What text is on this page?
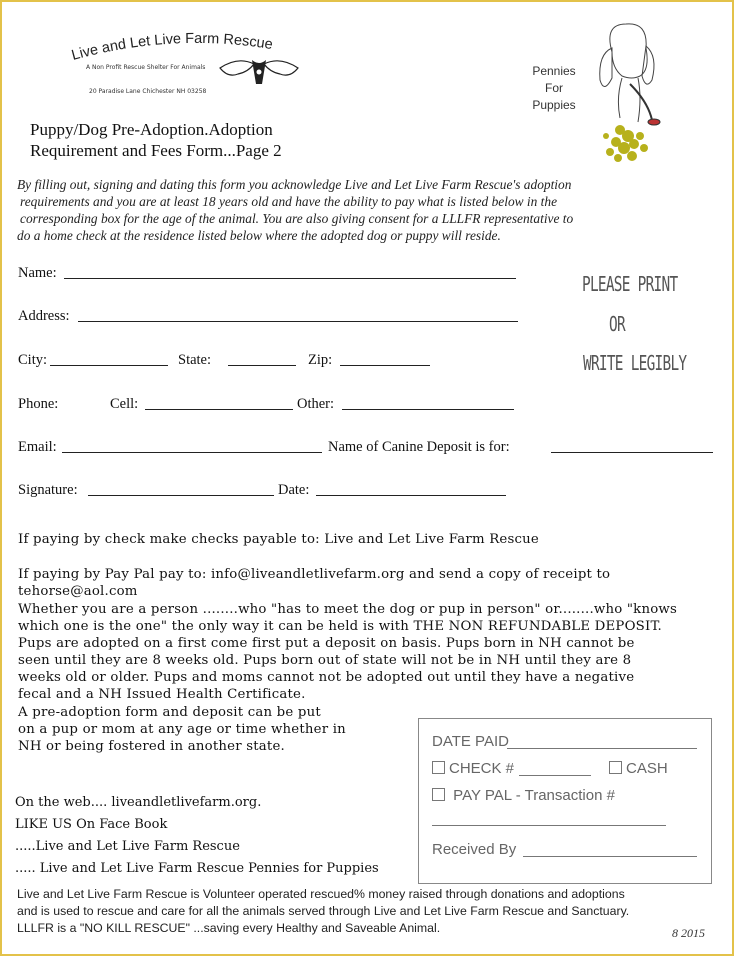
Live and Let Live Farm Rescue
A Non Profit Rescue Shelter For Animals
20 Paradise Lane Chichester NH 03258
Pennies
For
Puppies
Puppy/Dog Pre-Adoption.Adoption
Requirement and Fees Form...Page 2
By filling out, signing and dating this form you acknowledge Live and Let Live Farm Rescue's adoption
requirements and you are at least 18 years old and have the ability to pay what is listed below in the
corresponding box for the age of the animal. You are also giving consent for a LLLFR representative to
do a home check at the residence listed below where the adopted dog or puppy will reside.
Name:
Address:
City:	State:	Zip:
Phone:	Cell:	Other:
Email:	Name of Canine Deposit is for:
Signature:	Date:
PLEASE PRINT
OR
WRITE LEGIBLY
If paying by check make checks payable to: Live and Let Live Farm Rescue
If paying by Pay Pal pay to: info@liveandletlivefarm.org and send a copy of receipt to
tehorse@aol.com
Whether you are a person ........who "has to meet the dog or pup in person" or........who "knows
which one is the one" the only way it can be held is with THE NON REFUNDABLE DEPOSIT.
Pups are adopted on a first come first put a deposit on basis. Pups born in NH cannot be
seen until they are 8 weeks old. Pups born out of state will not be in NH until they are 8
weeks old or older. Pups and moms cannot not be adopted out until they have a negative
fecal and a NH Issued Health Certificate.
A pre-adoption form and deposit can be put
on a pup or mom at any age or time whether in
NH or being fostered in another state.	DATE PAID
CHECK #	CASH
PAY PAL - Transaction #
Received By
On the web.... liveandletlivefarm.org.
LIKE US On Face Book
.....Live and Let Live Farm Rescue
..... Live and Let Live Farm Rescue Pennies for Puppies
Live and Let Live Farm Rescue is Volunteer operated rescued% money raised through donations and adoptions
and is used to rescue and care for all the animals served through Live and Let Live Farm Rescue and Sanctuary.
LLLFR is a "NO KILL RESCUE" ...saving every Healthy and Saveable Animal.	8 2015
